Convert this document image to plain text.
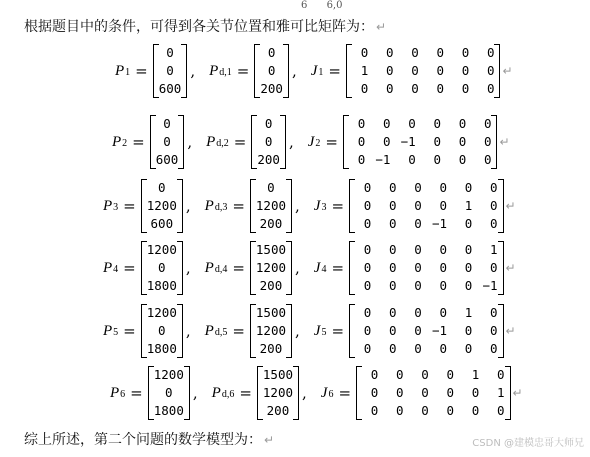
6 6,0
根据题目中的条件，可得到各关节位置和雅可比矩阵为： ↵
P 1 =
0
0
600
, P d,1 =
0
0
200
, J 1 =
0 0 0 0 0 0
1 0 0 0 0 0
0 0 0 0 0 0
↵
P 2 =
0
0
600
, P d,2 =
0
0
200
, J 2 =
0 0 0 0 0 0
0 0 −1 0 0 0
0 −1 0 0 0 0
↵
P 3 =
0
1200
600
, P d,3 =
0
1200
200
, J 3 =
0 0 0 0 0 0
0 0 0 0 1 0
0 0 0 −1 0 0
↵
P 4 =
1200
0
1800
, P d,4 =
1500
1200
200
, J 4 =
0 0 0 0 0 1
0 0 0 0 0 0
0 0 0 0 0 −1
↵
P 5 =
1200
0
1800
, P d,5 =
1500
1200
200
, J 5 =
0 0 0 0 1 0
0 0 0 −1 0 0
0 0 0 0 0 0
↵
P 6 =
1200
0
1800
, P d,6 =
1500
1200
200
, J 6 =
0 0 0 0 1 0
0 0 0 0 0 1
0 0 0 0 0 0
↵
综上所述，第二个问题的数学模型为： ↵	CSDN @建模忠哥大师兄
